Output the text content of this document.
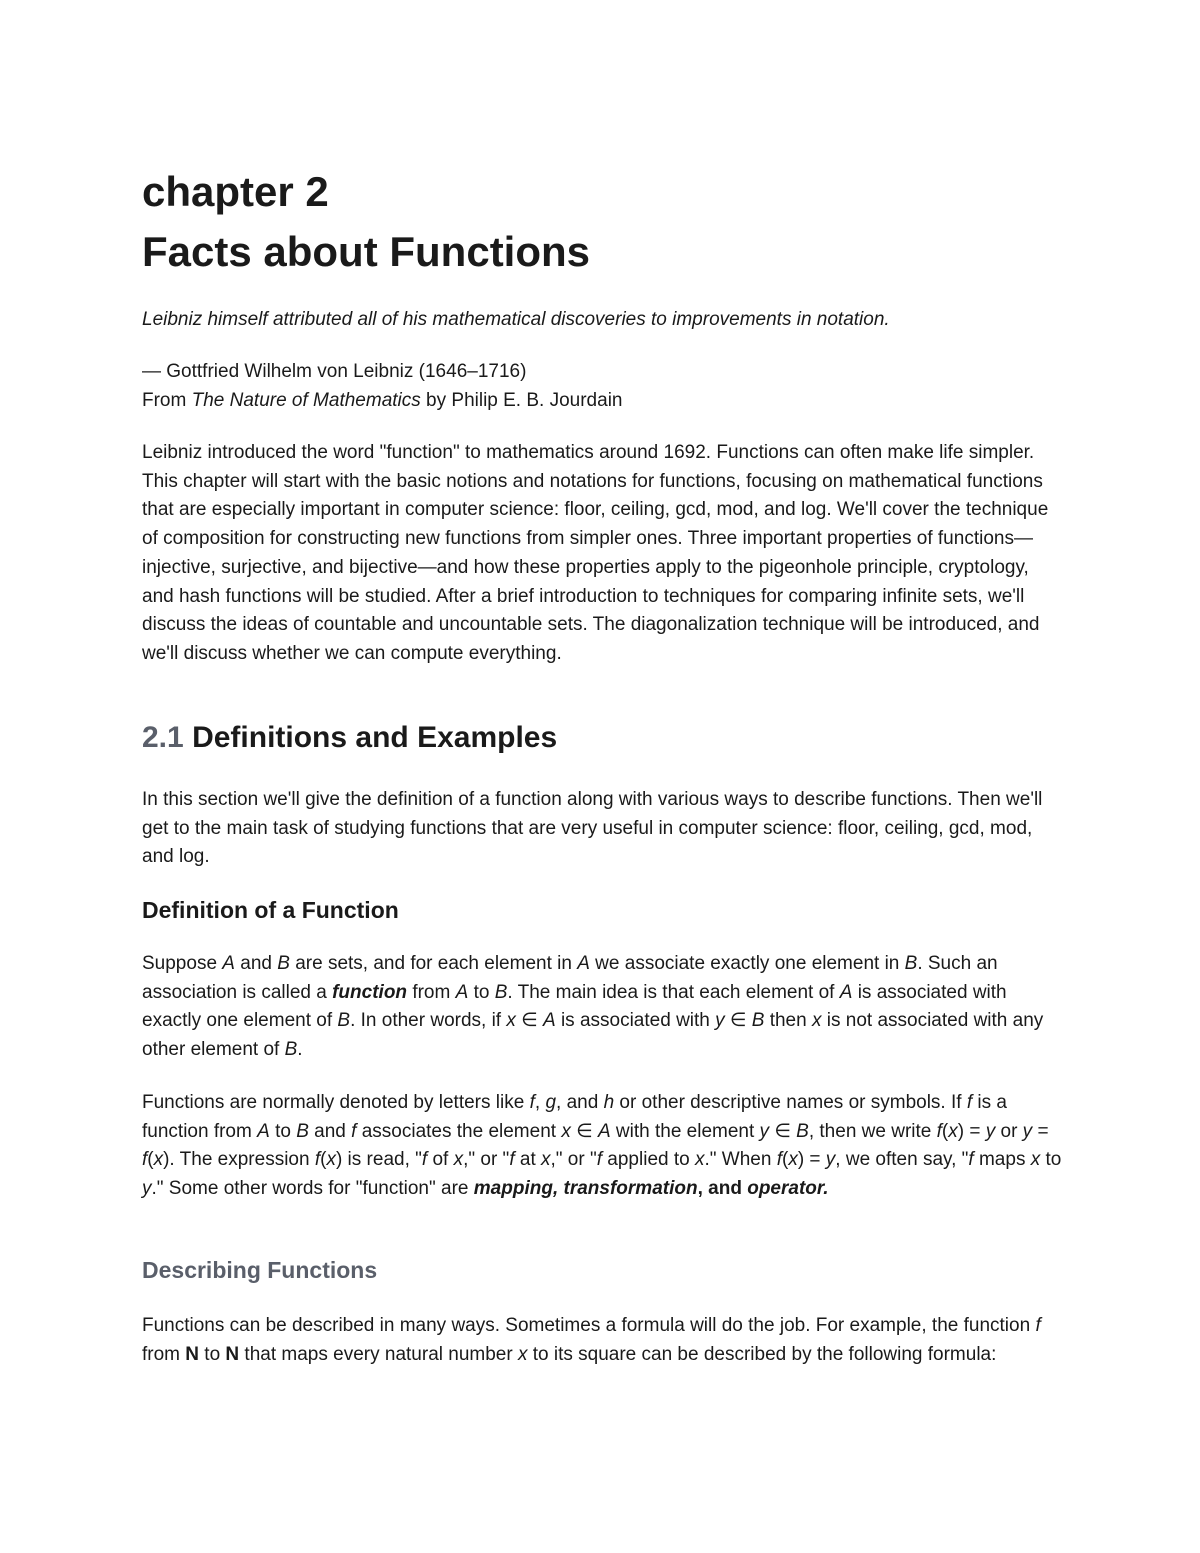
chapter 2
Facts about Functions

Leibniz himself attributed all of his mathematical discoveries to improvements in notation.

— Gottfried Wilhelm von Leibniz (1646–1716)
From The Nature of Mathematics by Philip E. B. Jourdain

Leibniz introduced the word "function" to mathematics around 1692. Functions can often make life simpler. This chapter will start with the basic notions and notations for functions, focusing on mathematical functions that are especially important in computer science: floor, ceiling, gcd, mod, and log. We'll cover the technique of composition for constructing new functions from simpler ones. Three important properties of functions— injective, surjective, and bijective—and how these properties apply to the pigeonhole principle, cryptology, and hash functions will be studied. After a brief introduction to techniques for comparing infinite sets, we'll discuss the ideas of countable and uncountable sets. The diagonalization technique will be introduced, and we'll discuss whether we can compute everything.

2.1 Definitions and Examples

In this section we'll give the definition of a function along with various ways to describe functions. Then we'll get to the main task of studying functions that are very useful in computer science: floor, ceiling, gcd, mod, and log.

Definition of a Function

Suppose A and B are sets, and for each element in A we associate exactly one element in B. Such an association is called a function from A to B. The main idea is that each element of A is associated with exactly one element of B. In other words, if x ∈ A is associated with y ∈ B then x is not associated with any other element of B.

Functions are normally denoted by letters like f, g, and h or other descriptive names or symbols. If f is a function from A to B and f associates the element x ∈ A with the element y ∈ B, then we write f(x) = y or y = f(x). The expression f(x) is read, "f of x," or "f at x," or "f applied to x." When f(x) = y, we often say, "f maps x to y." Some other words for "function" are mapping, transformation, and operator.

Describing Functions

Functions can be described in many ways. Sometimes a formula will do the job. For example, the function f from N to N that maps every natural number x to its square can be described by the following formula:
